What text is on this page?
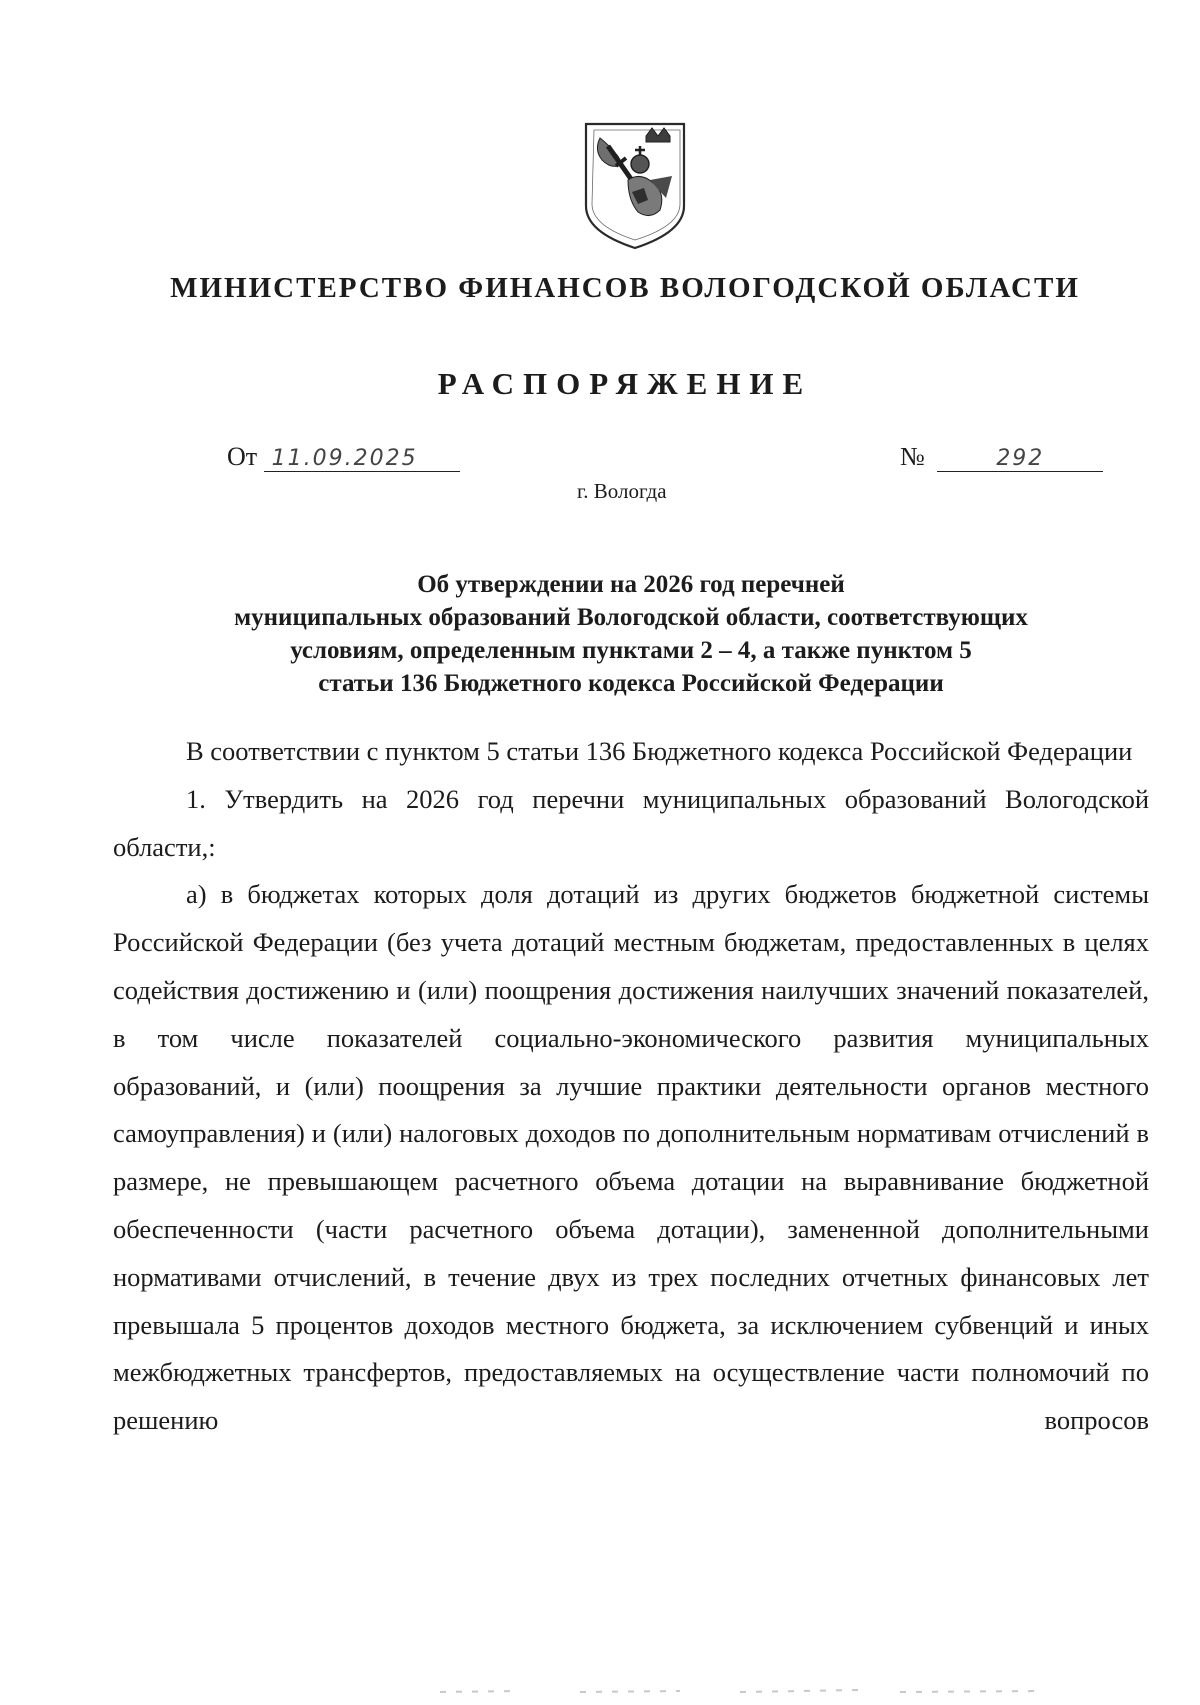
МИНИСТЕРСТВО ФИНАНСОВ ВОЛОГОДСКОЙ ОБЛАСТИ
РАСПОРЯЖЕНИЕ
От 11.09.2025	№	292
г. Вологда
Об утверждении на 2026 год перечней
муниципальных образований Вологодской области, соответствующих
условиям, определенным пунктами 2 – 4, а также пунктом 5
статьи 136 Бюджетного кодекса Российской Федерации

В соответствии с пунктом 5 статьи 136 Бюджетного кодекса Российской Федерации

1. Утвердить на 2026 год перечни муниципальных образований Вологодской области,:

а) в бюджетах которых доля дотаций из других бюджетов бюджетной системы Российской Федерации (без учета дотаций местным бюджетам, предоставленных в целях содействия достижению и (или) поощрения достижения наилучших значений показателей, в том числе показателей социально-экономического развития муниципальных образований, и (или) поощрения за лучшие практики деятельности органов местного самоуправления) и (или) налоговых доходов по дополнительным нормативам отчислений в размере, не превышающем расчетного объема дотации на выравнивание бюджетной обеспеченности (части расчетного объема дотации), замененной дополнительными нормативами отчислений, в течение двух из трех последних отчетных финансовых лет превышала 5 процентов доходов местного бюджета, за исключением субвенций и иных межбюджетных трансфертов, предоставляемых на осуществление части полномочий по решению вопросов
